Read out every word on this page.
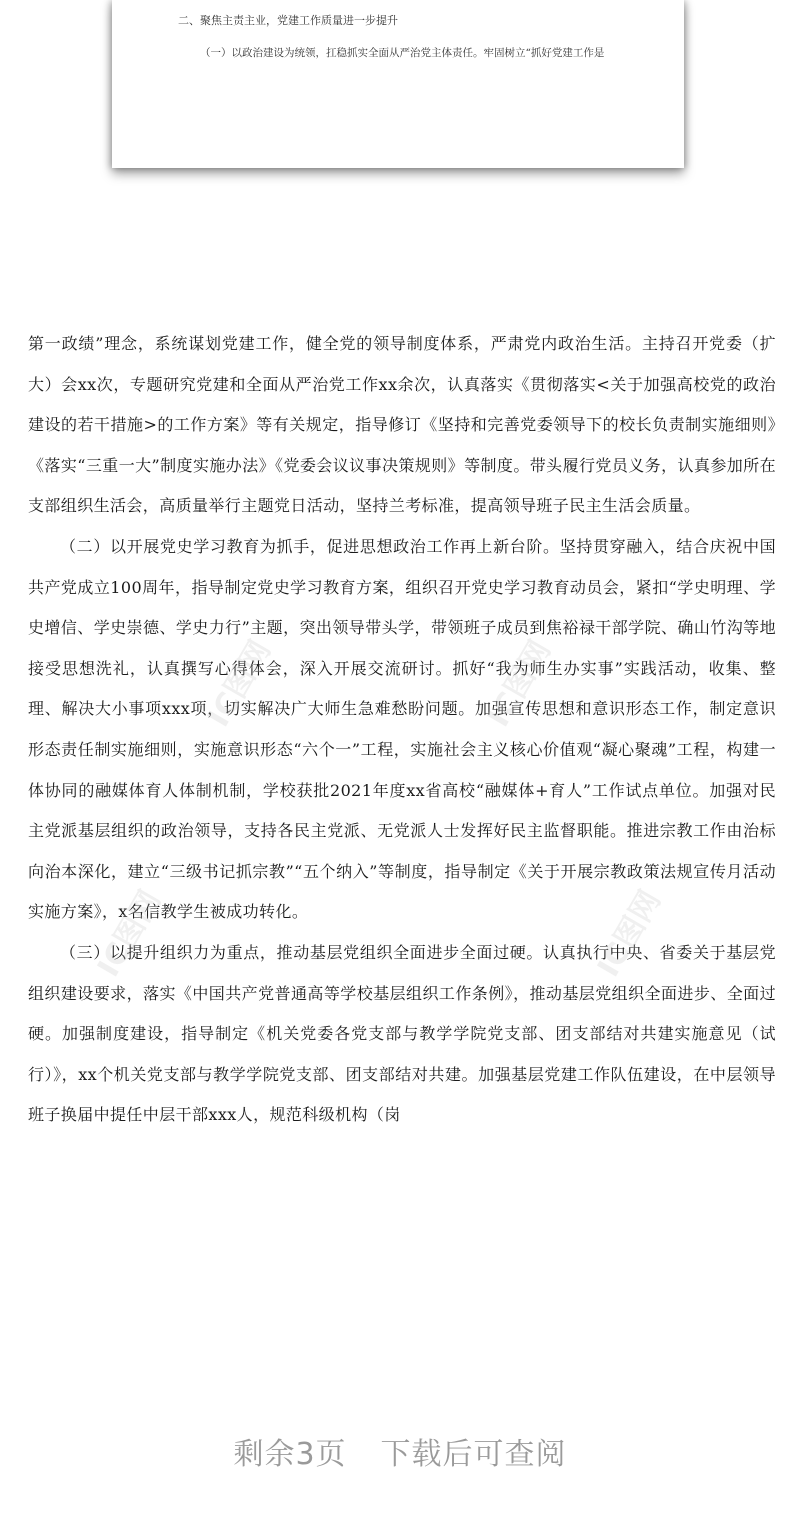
二、聚焦主责主业，党建工作质量进一步提升
（一）以政治建设为统领，扛稳抓实全面从严治党主体责任。牢固树立“抓好党建工作是

第一政绩”理念，系统谋划党建工作，健全党的领导制度体系，严肃党内政治生活。主持召开党委（扩大）会xx次，专题研究党建和全面从严治党工作xx余次，认真落实《贯彻落实<关于加强高校党的政治建设的若干措施>的工作方案》等有关规定，指导修订《坚持和完善党委领导下的校长负责制实施细则》《落实“三重一大”制度实施办法》《党委会议议事决策规则》等制度。带头履行党员义务，认真参加所在支部组织生活会，高质量举行主题党日活动，坚持兰考标准，提高领导班子民主生活会质量。

（二）以开展党史学习教育为抓手，促进思想政治工作再上新台阶。坚持贯穿融入，结合庆祝中国共产党成立100周年，指导制定党史学习教育方案，组织召开党史学习教育动员会，紧扣“学史明理、学史增信、学史崇德、学史力行”主题，突出领导带头学，带领班子成员到焦裕禄干部学院、确山竹沟等地接受思想洗礼，认真撰写心得体会，深入开展交流研讨。抓好“我为师生办实事”实践活动，收集、整理、解决大小事项xxx项，切实解决广大师生急难愁盼问题。加强宣传思想和意识形态工作，制定意识形态责任制实施细则，实施意识形态“六个一”工程，实施社会主义核心价值观“凝心聚魂”工程，构建一体协同的融媒体育人体制机制，学校获批2021年度xx省高校“融媒体+育人”工作试点单位。加强对民主党派基层组织的政治领导，支持各民主党派、无党派人士发挥好民主监督职能。推进宗教工作由治标向治本深化，建立“三级书记抓宗教”“五个纳入”等制度，指导制定《关于开展宗教政策法规宣传月活动实施方案》，x名信教学生被成功转化。

（三）以提升组织力为重点，推动基层党组织全面进步全面过硬。认真执行中央、省委关于基层党组织建设要求，落实《中国共产党普通高等学校基层组织工作条例》，推动基层党组织全面进步、全面过硬。加强制度建设，指导制定《机关党委各党支部与教学学院党支部、团支部结对共建实施意见（试行）》，xx个机关党支部与教学学院党支部、团支部结对共建。加强基层党建工作队伍建设，在中层领导班子换届中提任中层干部xxx人，规范科级机构（岗

IC图网	IC图网
IC图网	IC图网
剩余3页 下载后可查阅
